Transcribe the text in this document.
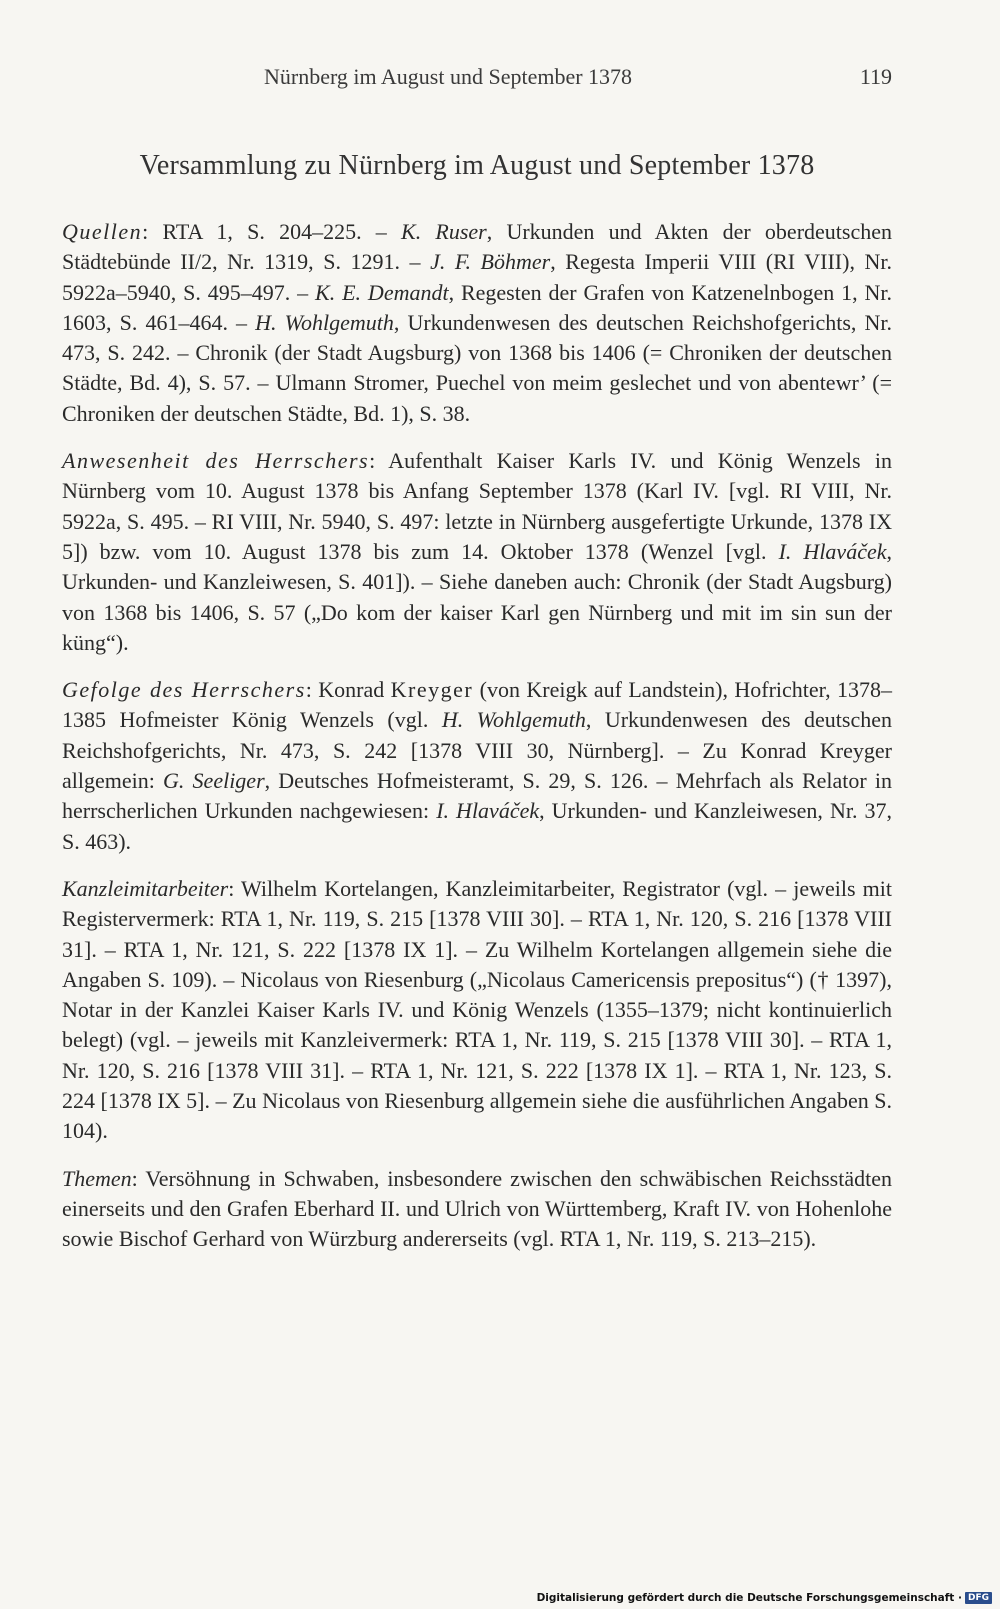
Nürnberg im August und September 1378	119
Versammlung zu Nürnberg im August und September 1378

Quellen: RTA 1, S. 204–225. – K. Ruser, Urkunden und Akten der oberdeutschen Städtebünde II/2, Nr. 1319, S. 1291. – J. F. Böhmer, Regesta Imperii VIII (RI VIII), Nr. 5922a–5940, S. 495–497. – K. E. Demandt, Regesten der Grafen von Katzenelnbogen 1, Nr. 1603, S. 461–464. – H. Wohlgemuth, Urkundenwesen des deutschen Reichshofgerichts, Nr. 473, S. 242. – Chronik (der Stadt Augsburg) von 1368 bis 1406 (= Chroniken der deutschen Städte, Bd. 4), S. 57. – Ulmann Stromer, Puechel von meim geslechet und von abentewr’ (= Chroniken der deutschen Städte, Bd. 1), S. 38.

Anwesenheit des Herrschers: Aufenthalt Kaiser Karls IV. und König Wenzels in Nürnberg vom 10. August 1378 bis Anfang September 1378 (Karl IV. [vgl. RI VIII, Nr. 5922a, S. 495. – RI VIII, Nr. 5940, S. 497: letzte in Nürnberg ausgefertigte Urkunde, 1378 IX 5]) bzw. vom 10. August 1378 bis zum 14. Oktober 1378 (Wenzel [vgl. I. Hlaváček, Urkunden- und Kanzleiwesen, S. 401]). – Siehe daneben auch: Chronik (der Stadt Augsburg) von 1368 bis 1406, S. 57 („Do kom der kaiser Karl gen Nürnberg und mit im sin sun der küng“).

Gefolge des Herrschers: Konrad Kreyger (von Kreigk auf Landstein), Hofrichter, 1378–1385 Hofmeister König Wenzels (vgl. H. Wohlgemuth, Urkundenwesen des deutschen Reichshofgerichts, Nr. 473, S. 242 [1378 VIII 30, Nürnberg]. – Zu Konrad Kreyger allgemein: G. Seeliger, Deutsches Hofmeisteramt, S. 29, S. 126. – Mehrfach als Relator in herrscherlichen Urkunden nachgewiesen: I. Hlaváček, Urkunden- und Kanzleiwesen, Nr. 37, S. 463).

Kanzleimitarbeiter: Wilhelm Kortelangen, Kanzleimitarbeiter, Registrator (vgl. – jeweils mit Registervermerk: RTA 1, Nr. 119, S. 215 [1378 VIII 30]. – RTA 1, Nr. 120, S. 216 [1378 VIII 31]. – RTA 1, Nr. 121, S. 222 [1378 IX 1]. – Zu Wilhelm Kortelangen allgemein siehe die Angaben S. 109). – Nicolaus von Riesenburg („Nicolaus Camericensis prepositus“) († 1397), Notar in der Kanzlei Kaiser Karls IV. und König Wenzels (1355–1379; nicht kontinuierlich belegt) (vgl. – jeweils mit Kanzleivermerk: RTA 1, Nr. 119, S. 215 [1378 VIII 30]. – RTA 1, Nr. 120, S. 216 [1378 VIII 31]. – RTA 1, Nr. 121, S. 222 [1378 IX 1]. – RTA 1, Nr. 123, S. 224 [1378 IX 5]. – Zu Nicolaus von Riesenburg allgemein siehe die ausführlichen Angaben S. 104).

Themen: Versöhnung in Schwaben, insbesondere zwischen den schwäbischen Reichsstädten einerseits und den Grafen Eberhard II. und Ulrich von Württemberg, Kraft IV. von Hohenlohe sowie Bischof Gerhard von Würzburg andererseits (vgl. RTA 1, Nr. 119, S. 213–215).

Digitalisierung gefördert durch die Deutsche Forschungsgemeinschaft · DFG
